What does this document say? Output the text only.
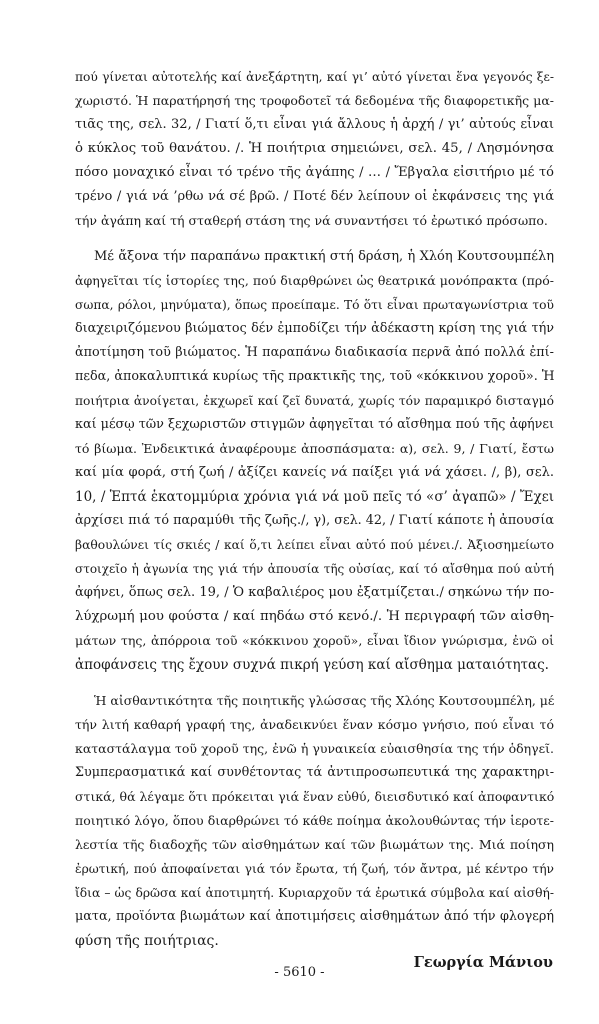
πού γίνεται αὐτοτελής καί ἀνεξάρτητη, καί γι’ αὐτό γίνεται ἕνα γεγονός ξε-
χωριστό. Ἡ παρατήρησή της τροφοδοτεῖ τά δεδομένα τῆς διαφορετικῆς μα-
τιᾶς της, σελ. 32, / Γιατί ὅ,τι εἶναι γιά ἄλλους ἡ ἀρχή / γι’ αὐτούς εἶναι
ὁ κύκλος τοῦ θανάτου. /. Ἡ ποιήτρια σημειώνει, σελ. 45, / Λησμόνησα
πόσο μοναχικό εἶναι τό τρένο τῆς ἀγάπης / … / Ἔβγαλα εἰσιτήριο μέ τό
τρένο / γιά νά ’ρθω νά σέ βρῶ. / Ποτέ δέν λείπουν οἱ ἐκφάνσεις της γιά
τήν ἀγάπη καί τή σταθερή στάση της νά συναντήσει τό ἐρωτικό πρόσωπο.
Μέ ἄξονα τήν παραπάνω πρακτική στή δράση, ἡ Χλόη Κουτσουμπέλη
ἀφηγεῖται τίς ἱστορίες της, πού διαρθρώνει ὡς θεατρικά μονόπρακτα (πρό-
σωπα, ρόλοι, μηνύματα), ὅπως προείπαμε. Τό ὅτι εἶναι πρωταγωνίστρια τοῦ
διαχειριζόμενου βιώματος δέν ἐμποδίζει τήν ἀδέκαστη κρίση της γιά τήν
ἀποτίμηση τοῦ βιώματος. Ἡ παραπάνω διαδικασία περνᾶ ἀπό πολλά ἐπί-
πεδα, ἀποκαλυπτικά κυρίως τῆς πρακτικῆς της, τοῦ «κόκκινου χοροῦ». Ἡ
ποιήτρια ἀνοίγεται, ἐκχωρεῖ καί ζεῖ δυνατά, χωρίς τόν παραμικρό δισταγμό
καί μέσῳ τῶν ξεχωριστῶν στιγμῶν ἀφηγεῖται τό αἴσθημα πού τῆς ἀφήνει
τό βίωμα. Ἐνδεικτικά ἀναφέρουμε ἀποσπάσματα: α), σελ. 9, / Γιατί, ἔστω
καί μία φορά, στή ζωή / ἀξίζει κανείς νά παίξει γιά νά χάσει. /, β), σελ.
10, / Ἑπτά ἑκατομμύρια χρόνια γιά νά μοῦ πεῖς τό «σ’ ἀγαπῶ» / Ἔχει
ἀρχίσει πιά τό παραμύθι τῆς ζωῆς./, γ), σελ. 42, / Γιατί κάποτε ἡ ἀπουσία
βαθουλώνει τίς σκιές / καί ὅ,τι λείπει εἶναι αὐτό πού μένει./. Ἀξιοσημείωτο
στοιχεῖο ἡ ἀγωνία της γιά τήν ἀπουσία τῆς οὐσίας, καί τό αἴσθημα πού αὐτή
ἀφήνει, ὅπως σελ. 19, / Ὁ καβαλιέρος μου ἐξατμίζεται./ σηκώνω τήν πο-
λύχρωμή μου φούστα / καί πηδάω στό κενό./. Ἡ περιγραφή τῶν αἰσθη-
μάτων της, ἀπόρροια τοῦ «κόκκινου χοροῦ», εἶναι ἴδιον γνώρισμα, ἐνῶ οἱ
ἀποφάνσεις της ἔχουν συχνά πικρή γεύση καί αἴσθημα ματαιότητας.
Ἡ αἰσθαντικότητα τῆς ποιητικῆς γλώσσας τῆς Χλόης Κουτσουμπέλη, μέ
τήν λιτή καθαρή γραφή της, ἀναδεικνύει ἕναν κόσμο γνήσιο, πού εἶναι τό
καταστάλαγμα τοῦ χοροῦ της, ἐνῶ ἡ γυναικεία εὐαισθησία της τήν ὁδηγεῖ.
Συμπερασματικά καί συνθέτοντας τά ἀντιπροσωπευτικά της χαρακτηρι-
στικά, θά λέγαμε ὅτι πρόκειται γιά ἕναν εὐθύ, διεισδυτικό καί ἀποφαντικό
ποιητικό λόγο, ὅπου διαρθρώνει τό κάθε ποίημα ἀκολουθώντας τήν ἱεροτε-
λεστία τῆς διαδοχῆς τῶν αἰσθημάτων καί τῶν βιωμάτων της. Μιά ποίηση
ἐρωτική, πού ἀποφαίνεται γιά τόν ἔρωτα, τή ζωή, τόν ἄντρα, μέ κέντρο τήν
ἴδια – ὡς δρῶσα καί ἀποτιμητή. Κυριαρχοῦν τά ἐρωτικά σύμβολα καί αἰσθή-
ματα, προϊόντα βιωμάτων καί ἀποτιμήσεις αἰσθημάτων ἀπό τήν φλογερή
φύση τῆς ποιήτριας.
Γεωργία Μάνιου
- 5610 -
